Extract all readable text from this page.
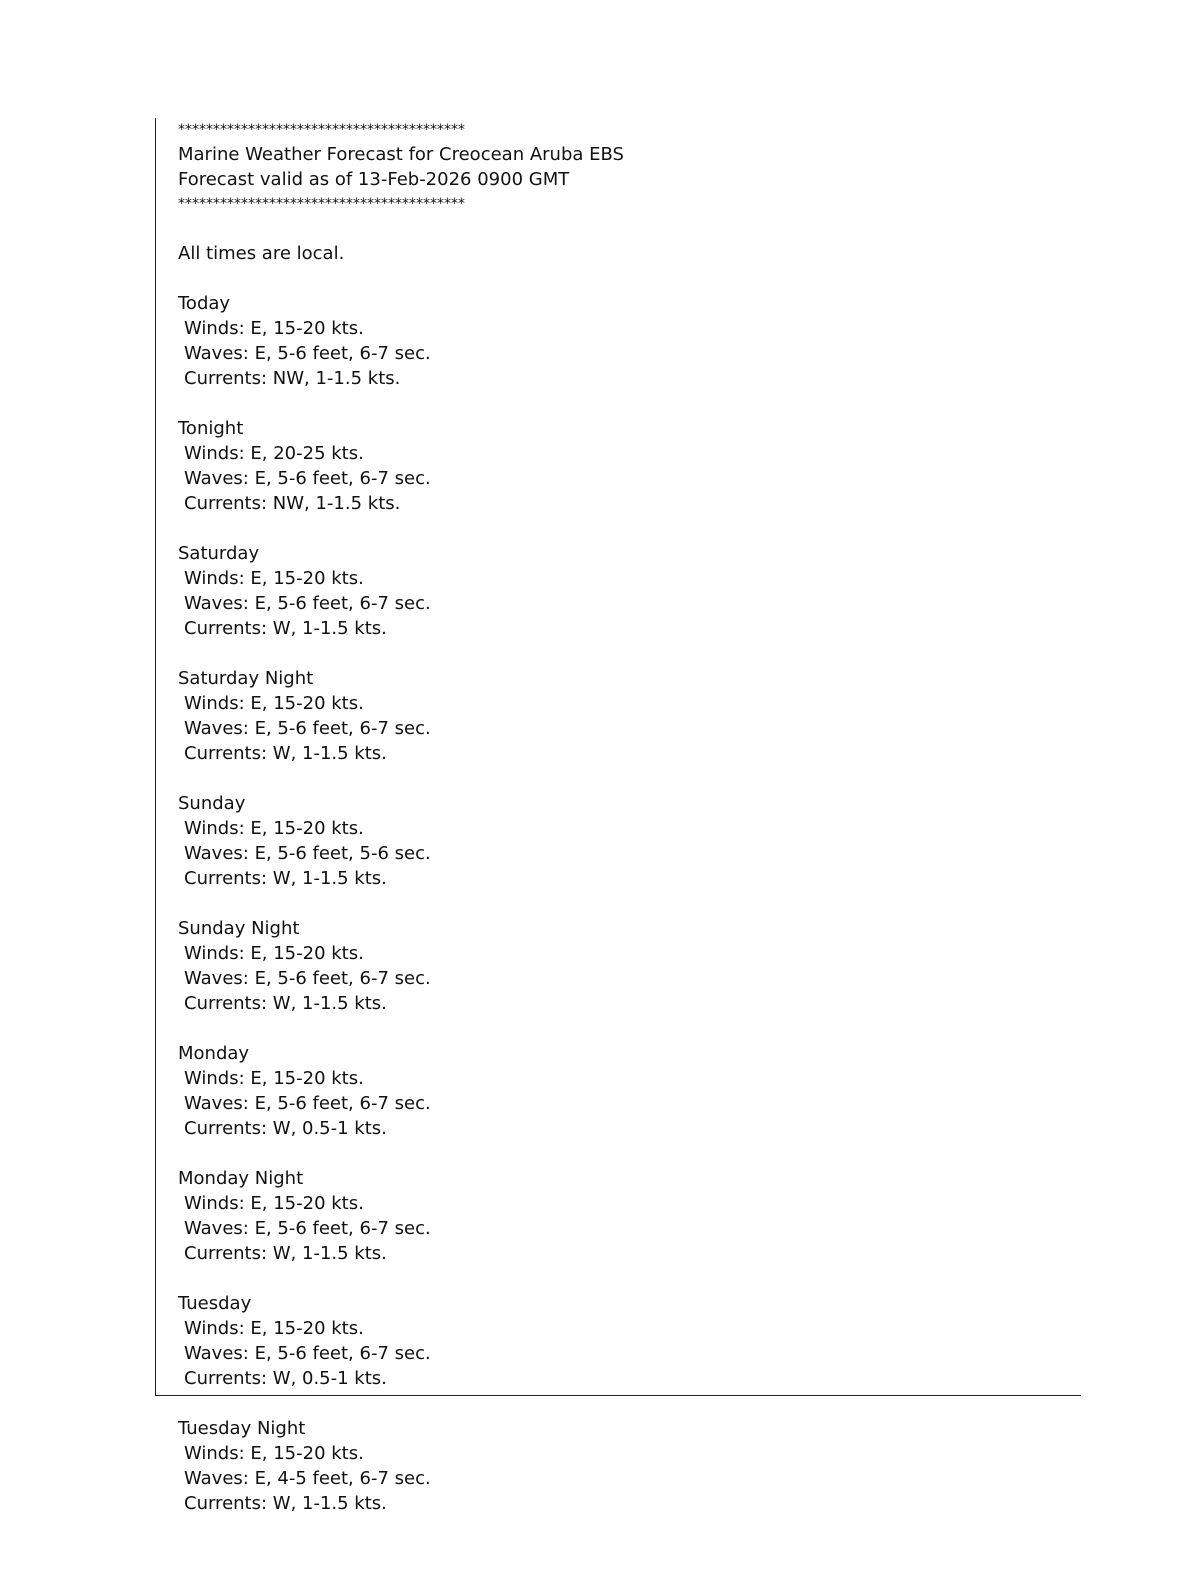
*****************************************
Marine Weather Forecast for Creocean Aruba EBS
Forecast valid as of 13-Feb-2026 0900 GMT
*****************************************
All times are local.
Today
Winds: E, 15-20 kts.
Waves: E, 5-6 feet, 6-7 sec.
Currents: NW, 1-1.5 kts.
Tonight
Winds: E, 20-25 kts.
Waves: E, 5-6 feet, 6-7 sec.
Currents: NW, 1-1.5 kts.
Saturday
Winds: E, 15-20 kts.
Waves: E, 5-6 feet, 6-7 sec.
Currents: W, 1-1.5 kts.
Saturday Night
Winds: E, 15-20 kts.
Waves: E, 5-6 feet, 6-7 sec.
Currents: W, 1-1.5 kts.
Sunday
Winds: E, 15-20 kts.
Waves: E, 5-6 feet, 5-6 sec.
Currents: W, 1-1.5 kts.
Sunday Night
Winds: E, 15-20 kts.
Waves: E, 5-6 feet, 6-7 sec.
Currents: W, 1-1.5 kts.
Monday
Winds: E, 15-20 kts.
Waves: E, 5-6 feet, 6-7 sec.
Currents: W, 0.5-1 kts.
Monday Night
Winds: E, 15-20 kts.
Waves: E, 5-6 feet, 6-7 sec.
Currents: W, 1-1.5 kts.
Tuesday
Winds: E, 15-20 kts.
Waves: E, 5-6 feet, 6-7 sec.
Currents: W, 0.5-1 kts.
Tuesday Night
Winds: E, 15-20 kts.
Waves: E, 4-5 feet, 6-7 sec.
Currents: W, 1-1.5 kts.
